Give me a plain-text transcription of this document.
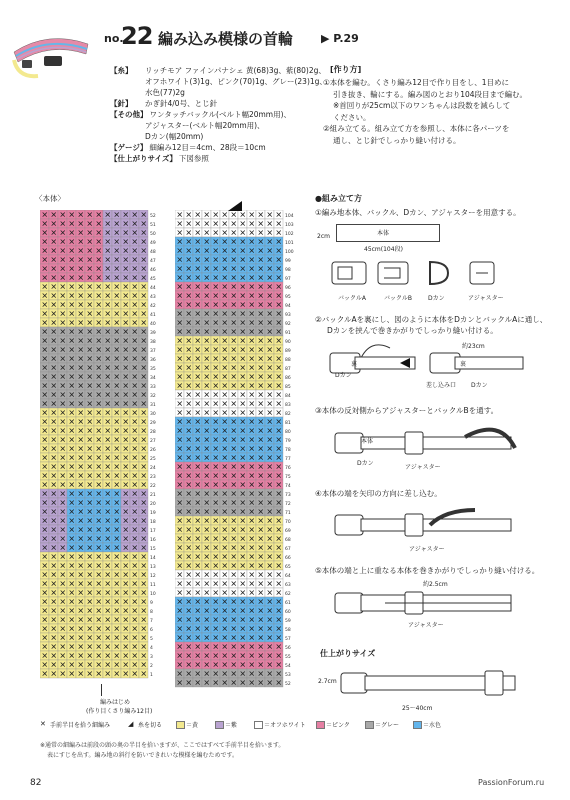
no.
22 編み込み模様の首輪	▶ P.29
【糸】 リッチモア ファインパナシェ 黄(68)3g、紫(80)2g、
オフホワイト(3)1g、ピンク(70)1g、グレー(23)1g、
水色(77)2g
【針】 かぎ針4/0号、とじ針
【その他】 ワンタッチバックル(ベルト幅20mm用)、
アジャスター(ベルト幅20mm用)、
Dカン(幅20mm)
【ゲージ】 細編み12目＝4cm、28段＝10cm
【仕上がりサイズ】 下図参照
[作り方]
①本体を編む。くさり編み12目で作り目をし、1目めに
引き抜き、輪にする。編み図のとおり104段目まで編む。
※首回りが25cm以下のワンちゃんは段数を減らして
ください。
②組み立てる。組み立て方を参照し、本体に各パーツを
通し、とじ針でしっかり縫い付ける。
〈本体〉
✕ ✕ ✕ ✕ ✕ ✕ ✕ ✕ ✕ ✕ ✕ ✕ 52
✕ ✕ ✕ ✕ ✕ ✕ ✕ ✕ ✕ ✕ ✕ ✕ 51
✕ ✕ ✕ ✕ ✕ ✕ ✕ ✕ ✕ ✕ ✕ ✕ 50
✕ ✕ ✕ ✕ ✕ ✕ ✕ ✕ ✕ ✕ ✕ ✕ 49
✕ ✕ ✕ ✕ ✕ ✕ ✕ ✕ ✕ ✕ ✕ ✕ 48
✕ ✕ ✕ ✕ ✕ ✕ ✕ ✕ ✕ ✕ ✕ ✕ 47
✕ ✕ ✕ ✕ ✕ ✕ ✕ ✕ ✕ ✕ ✕ ✕ 46
✕ ✕ ✕ ✕ ✕ ✕ ✕ ✕ ✕ ✕ ✕ ✕ 45
✕ ✕ ✕ ✕ ✕ ✕ ✕ ✕ ✕ ✕ ✕ ✕ 44
✕ ✕ ✕ ✕ ✕ ✕ ✕ ✕ ✕ ✕ ✕ ✕ 43
✕ ✕ ✕ ✕ ✕ ✕ ✕ ✕ ✕ ✕ ✕ ✕ 42
✕ ✕ ✕ ✕ ✕ ✕ ✕ ✕ ✕ ✕ ✕ ✕ 41
✕ ✕ ✕ ✕ ✕ ✕ ✕ ✕ ✕ ✕ ✕ ✕ 40
✕ ✕ ✕ ✕ ✕ ✕ ✕ ✕ ✕ ✕ ✕ ✕ 39
✕ ✕ ✕ ✕ ✕ ✕ ✕ ✕ ✕ ✕ ✕ ✕ 38
✕ ✕ ✕ ✕ ✕ ✕ ✕ ✕ ✕ ✕ ✕ ✕ 37
✕ ✕ ✕ ✕ ✕ ✕ ✕ ✕ ✕ ✕ ✕ ✕ 36
✕ ✕ ✕ ✕ ✕ ✕ ✕ ✕ ✕ ✕ ✕ ✕ 35
✕ ✕ ✕ ✕ ✕ ✕ ✕ ✕ ✕ ✕ ✕ ✕ 34
✕ ✕ ✕ ✕ ✕ ✕ ✕ ✕ ✕ ✕ ✕ ✕ 33
✕ ✕ ✕ ✕ ✕ ✕ ✕ ✕ ✕ ✕ ✕ ✕ 32
✕ ✕ ✕ ✕ ✕ ✕ ✕ ✕ ✕ ✕ ✕ ✕ 31
✕ ✕ ✕ ✕ ✕ ✕ ✕ ✕ ✕ ✕ ✕ ✕ 30
✕ ✕ ✕ ✕ ✕ ✕ ✕ ✕ ✕ ✕ ✕ ✕ 29
✕ ✕ ✕ ✕ ✕ ✕ ✕ ✕ ✕ ✕ ✕ ✕ 28
✕ ✕ ✕ ✕ ✕ ✕ ✕ ✕ ✕ ✕ ✕ ✕ 27
✕ ✕ ✕ ✕ ✕ ✕ ✕ ✕ ✕ ✕ ✕ ✕ 26
✕ ✕ ✕ ✕ ✕ ✕ ✕ ✕ ✕ ✕ ✕ ✕ 25
✕ ✕ ✕ ✕ ✕ ✕ ✕ ✕ ✕ ✕ ✕ ✕ 24
✕ ✕ ✕ ✕ ✕ ✕ ✕ ✕ ✕ ✕ ✕ ✕ 23
✕ ✕ ✕ ✕ ✕ ✕ ✕ ✕ ✕ ✕ ✕ ✕ 22
✕ ✕ ✕ ✕ ✕ ✕ ✕ ✕ ✕ ✕ ✕ ✕ 21
✕ ✕ ✕ ✕ ✕ ✕ ✕ ✕ ✕ ✕ ✕ ✕ 20
✕ ✕ ✕ ✕ ✕ ✕ ✕ ✕ ✕ ✕ ✕ ✕ 19
✕ ✕ ✕ ✕ ✕ ✕ ✕ ✕ ✕ ✕ ✕ ✕ 18
✕ ✕ ✕ ✕ ✕ ✕ ✕ ✕ ✕ ✕ ✕ ✕ 17
✕ ✕ ✕ ✕ ✕ ✕ ✕ ✕ ✕ ✕ ✕ ✕ 16
✕ ✕ ✕ ✕ ✕ ✕ ✕ ✕ ✕ ✕ ✕ ✕ 15
✕ ✕ ✕ ✕ ✕ ✕ ✕ ✕ ✕ ✕ ✕ ✕ 14
✕ ✕ ✕ ✕ ✕ ✕ ✕ ✕ ✕ ✕ ✕ ✕ 13
✕ ✕ ✕ ✕ ✕ ✕ ✕ ✕ ✕ ✕ ✕ ✕ 12
✕ ✕ ✕ ✕ ✕ ✕ ✕ ✕ ✕ ✕ ✕ ✕ 11
✕ ✕ ✕ ✕ ✕ ✕ ✕ ✕ ✕ ✕ ✕ ✕ 10
✕ ✕ ✕ ✕ ✕ ✕ ✕ ✕ ✕ ✕ ✕ ✕ 9
✕ ✕ ✕ ✕ ✕ ✕ ✕ ✕ ✕ ✕ ✕ ✕ 8
✕ ✕ ✕ ✕ ✕ ✕ ✕ ✕ ✕ ✕ ✕ ✕ 7
✕ ✕ ✕ ✕ ✕ ✕ ✕ ✕ ✕ ✕ ✕ ✕ 6
✕ ✕ ✕ ✕ ✕ ✕ ✕ ✕ ✕ ✕ ✕ ✕ 5
✕ ✕ ✕ ✕ ✕ ✕ ✕ ✕ ✕ ✕ ✕ ✕ 4
✕ ✕ ✕ ✕ ✕ ✕ ✕ ✕ ✕ ✕ ✕ ✕ 3
✕ ✕ ✕ ✕ ✕ ✕ ✕ ✕ ✕ ✕ ✕ ✕ 2
✕ ✕ ✕ ✕ ✕ ✕ ✕ ✕ ✕ ✕ ✕ ✕ 1
✕ ✕ ✕ ✕ ✕ ✕ ✕ ✕ ✕ ✕ ✕ ✕ 104
✕ ✕ ✕ ✕ ✕ ✕ ✕ ✕ ✕ ✕ ✕ ✕ 103
✕ ✕ ✕ ✕ ✕ ✕ ✕ ✕ ✕ ✕ ✕ ✕ 102
✕ ✕ ✕ ✕ ✕ ✕ ✕ ✕ ✕ ✕ ✕ ✕ 101
✕ ✕ ✕ ✕ ✕ ✕ ✕ ✕ ✕ ✕ ✕ ✕ 100
✕ ✕ ✕ ✕ ✕ ✕ ✕ ✕ ✕ ✕ ✕ ✕ 99
✕ ✕ ✕ ✕ ✕ ✕ ✕ ✕ ✕ ✕ ✕ ✕ 98
✕ ✕ ✕ ✕ ✕ ✕ ✕ ✕ ✕ ✕ ✕ ✕ 97
✕ ✕ ✕ ✕ ✕ ✕ ✕ ✕ ✕ ✕ ✕ ✕ 96
✕ ✕ ✕ ✕ ✕ ✕ ✕ ✕ ✕ ✕ ✕ ✕ 95
✕ ✕ ✕ ✕ ✕ ✕ ✕ ✕ ✕ ✕ ✕ ✕ 94
✕ ✕ ✕ ✕ ✕ ✕ ✕ ✕ ✕ ✕ ✕ ✕ 93
✕ ✕ ✕ ✕ ✕ ✕ ✕ ✕ ✕ ✕ ✕ ✕ 92
✕ ✕ ✕ ✕ ✕ ✕ ✕ ✕ ✕ ✕ ✕ ✕ 91
✕ ✕ ✕ ✕ ✕ ✕ ✕ ✕ ✕ ✕ ✕ ✕ 90
✕ ✕ ✕ ✕ ✕ ✕ ✕ ✕ ✕ ✕ ✕ ✕ 89
✕ ✕ ✕ ✕ ✕ ✕ ✕ ✕ ✕ ✕ ✕ ✕ 88
✕ ✕ ✕ ✕ ✕ ✕ ✕ ✕ ✕ ✕ ✕ ✕ 87
✕ ✕ ✕ ✕ ✕ ✕ ✕ ✕ ✕ ✕ ✕ ✕ 86
✕ ✕ ✕ ✕ ✕ ✕ ✕ ✕ ✕ ✕ ✕ ✕ 85
✕ ✕ ✕ ✕ ✕ ✕ ✕ ✕ ✕ ✕ ✕ ✕ 84
✕ ✕ ✕ ✕ ✕ ✕ ✕ ✕ ✕ ✕ ✕ ✕ 83
✕ ✕ ✕ ✕ ✕ ✕ ✕ ✕ ✕ ✕ ✕ ✕ 82
✕ ✕ ✕ ✕ ✕ ✕ ✕ ✕ ✕ ✕ ✕ ✕ 81
✕ ✕ ✕ ✕ ✕ ✕ ✕ ✕ ✕ ✕ ✕ ✕ 80
✕ ✕ ✕ ✕ ✕ ✕ ✕ ✕ ✕ ✕ ✕ ✕ 79
✕ ✕ ✕ ✕ ✕ ✕ ✕ ✕ ✕ ✕ ✕ ✕ 78
✕ ✕ ✕ ✕ ✕ ✕ ✕ ✕ ✕ ✕ ✕ ✕ 77
✕ ✕ ✕ ✕ ✕ ✕ ✕ ✕ ✕ ✕ ✕ ✕ 76
✕ ✕ ✕ ✕ ✕ ✕ ✕ ✕ ✕ ✕ ✕ ✕ 75
✕ ✕ ✕ ✕ ✕ ✕ ✕ ✕ ✕ ✕ ✕ ✕ 74
✕ ✕ ✕ ✕ ✕ ✕ ✕ ✕ ✕ ✕ ✕ ✕ 73
✕ ✕ ✕ ✕ ✕ ✕ ✕ ✕ ✕ ✕ ✕ ✕ 72
✕ ✕ ✕ ✕ ✕ ✕ ✕ ✕ ✕ ✕ ✕ ✕ 71
✕ ✕ ✕ ✕ ✕ ✕ ✕ ✕ ✕ ✕ ✕ ✕ 70
✕ ✕ ✕ ✕ ✕ ✕ ✕ ✕ ✕ ✕ ✕ ✕ 69
✕ ✕ ✕ ✕ ✕ ✕ ✕ ✕ ✕ ✕ ✕ ✕ 68
✕ ✕ ✕ ✕ ✕ ✕ ✕ ✕ ✕ ✕ ✕ ✕ 67
✕ ✕ ✕ ✕ ✕ ✕ ✕ ✕ ✕ ✕ ✕ ✕ 66
✕ ✕ ✕ ✕ ✕ ✕ ✕ ✕ ✕ ✕ ✕ ✕ 65
✕ ✕ ✕ ✕ ✕ ✕ ✕ ✕ ✕ ✕ ✕ ✕ 64
✕ ✕ ✕ ✕ ✕ ✕ ✕ ✕ ✕ ✕ ✕ ✕ 63
✕ ✕ ✕ ✕ ✕ ✕ ✕ ✕ ✕ ✕ ✕ ✕ 62
✕ ✕ ✕ ✕ ✕ ✕ ✕ ✕ ✕ ✕ ✕ ✕ 61
✕ ✕ ✕ ✕ ✕ ✕ ✕ ✕ ✕ ✕ ✕ ✕ 60
✕ ✕ ✕ ✕ ✕ ✕ ✕ ✕ ✕ ✕ ✕ ✕ 59
✕ ✕ ✕ ✕ ✕ ✕ ✕ ✕ ✕ ✕ ✕ ✕ 58
✕ ✕ ✕ ✕ ✕ ✕ ✕ ✕ ✕ ✕ ✕ ✕ 57
✕ ✕ ✕ ✕ ✕ ✕ ✕ ✕ ✕ ✕ ✕ ✕ 56
✕ ✕ ✕ ✕ ✕ ✕ ✕ ✕ ✕ ✕ ✕ ✕ 55
✕ ✕ ✕ ✕ ✕ ✕ ✕ ✕ ✕ ✕ ✕ ✕ 54
✕ ✕ ✕ ✕ ✕ ✕ ✕ ✕ ✕ ✕ ✕ ✕ 53
✕ ✕ ✕ ✕ ✕ ✕ ✕ ✕ ✕ ✕ ✕ ✕ 52
編みはじめ
(作り目くさり編み12目)
●組み立て方
①編み地本体、バックル、Dカン、アジャスターを用意する。
2cm	本体
45cm(104段)
バックルA	バックルB	Dカン	アジャスター
②バックルAを裏にし、図のように本体をDカンとバックルAに通し、
Dカンを挟んで巻きかがりでしっかり縫い付ける。
Dカン
差し込み口 Dカン
約23cm
裏	裏
③本体の反対側からアジャスターとバックルBを通す。
本体
Dカン
アジャスター
④本体の端を矢印の方向に差し込む。
アジャスター
⑤本体の端と上に重なる本体を巻きかがりでしっかり縫い付ける。
約2.5cm
アジャスター
仕上がりサイズ
2.7cm
25〜40cm
✕ 手前半目を拾う細編み	◢ 糸を切る	＝黄	＝紫	＝オフホワイト	＝ピンク	＝グレー	＝水色
※通常の細編みは前段の頭の奥の半目を拾いますが、ここではすべて手前半目を拾います。
表にすじを出す。編み地の斜行を防いできれいな模様を編むためです。
82	PassionForum.ru
